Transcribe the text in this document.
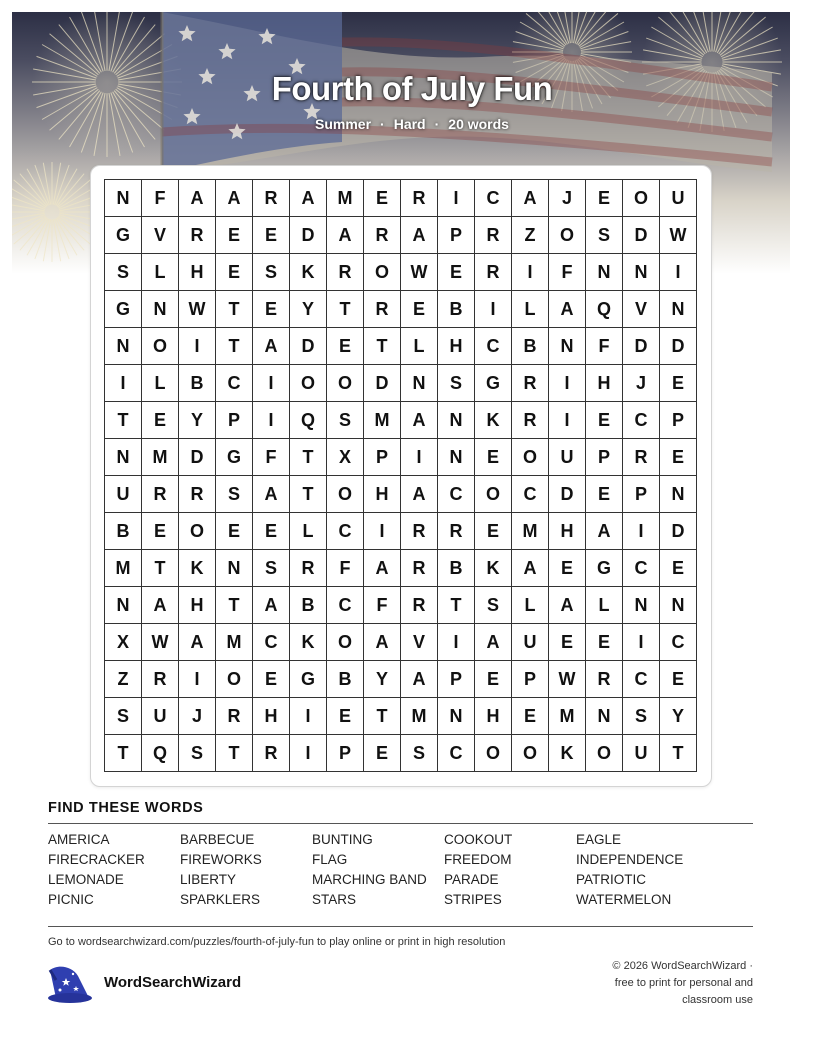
Fourth of July Fun
Summer · Hard · 20 words
N	F	A	A	R	A	M	E	R	I	C	A	J	E	O	U
G	V	R	E	E	D	A	R	A	P	R	Z	O	S	D	W
S	L	H	E	S	K	R	O	W	E	R	I	F	N	N	I
G	N	W	T	E	Y	T	R	E	B	I	L	A	Q	V	N
N	O	I	T	A	D	E	T	L	H	C	B	N	F	D	D
I	L	B	C	I	O	O	D	N	S	G	R	I	H	J	E
T	E	Y	P	I	Q	S	M	A	N	K	R	I	E	C	P
N	M	D	G	F	T	X	P	I	N	E	O	U	P	R	E
U	R	R	S	A	T	O	H	A	C	O	C	D	E	P	N
B	E	O	E	E	L	C	I	R	R	E	M	H	A	I	D
M	T	K	N	S	R	F	A	R	B	K	A	E	G	C	E
N	A	H	T	A	B	C	F	R	T	S	L	A	L	N	N
X	W	A	M	C	K	O	A	V	I	A	U	E	E	I	C
Z	R	I	O	E	G	B	Y	A	P	E	P	W	R	C	E
S	U	J	R	H	I	E	T	M	N	H	E	M	N	S	Y
T	Q	S	T	R	I	P	E	S	C	O	O	K	O	U	T
FIND THESE WORDS
AMERICA	BARBECUE	BUNTING	COOKOUT	EAGLE
FIRECRACKER	FIREWORKS	FLAG	FREEDOM	INDEPENDENCE
LEMONADE	LIBERTY	MARCHING BAND	PARADE	PATRIOTIC
PICNIC	SPARKLERS	STARS	STRIPES	WATERMELON
Go to wordsearchwizard.com/puzzles/fourth-of-july-fun to play online or print in high resolution
WordSearchWizard
© 2026 WordSearchWizard ·
free to print for personal and
classroom use
